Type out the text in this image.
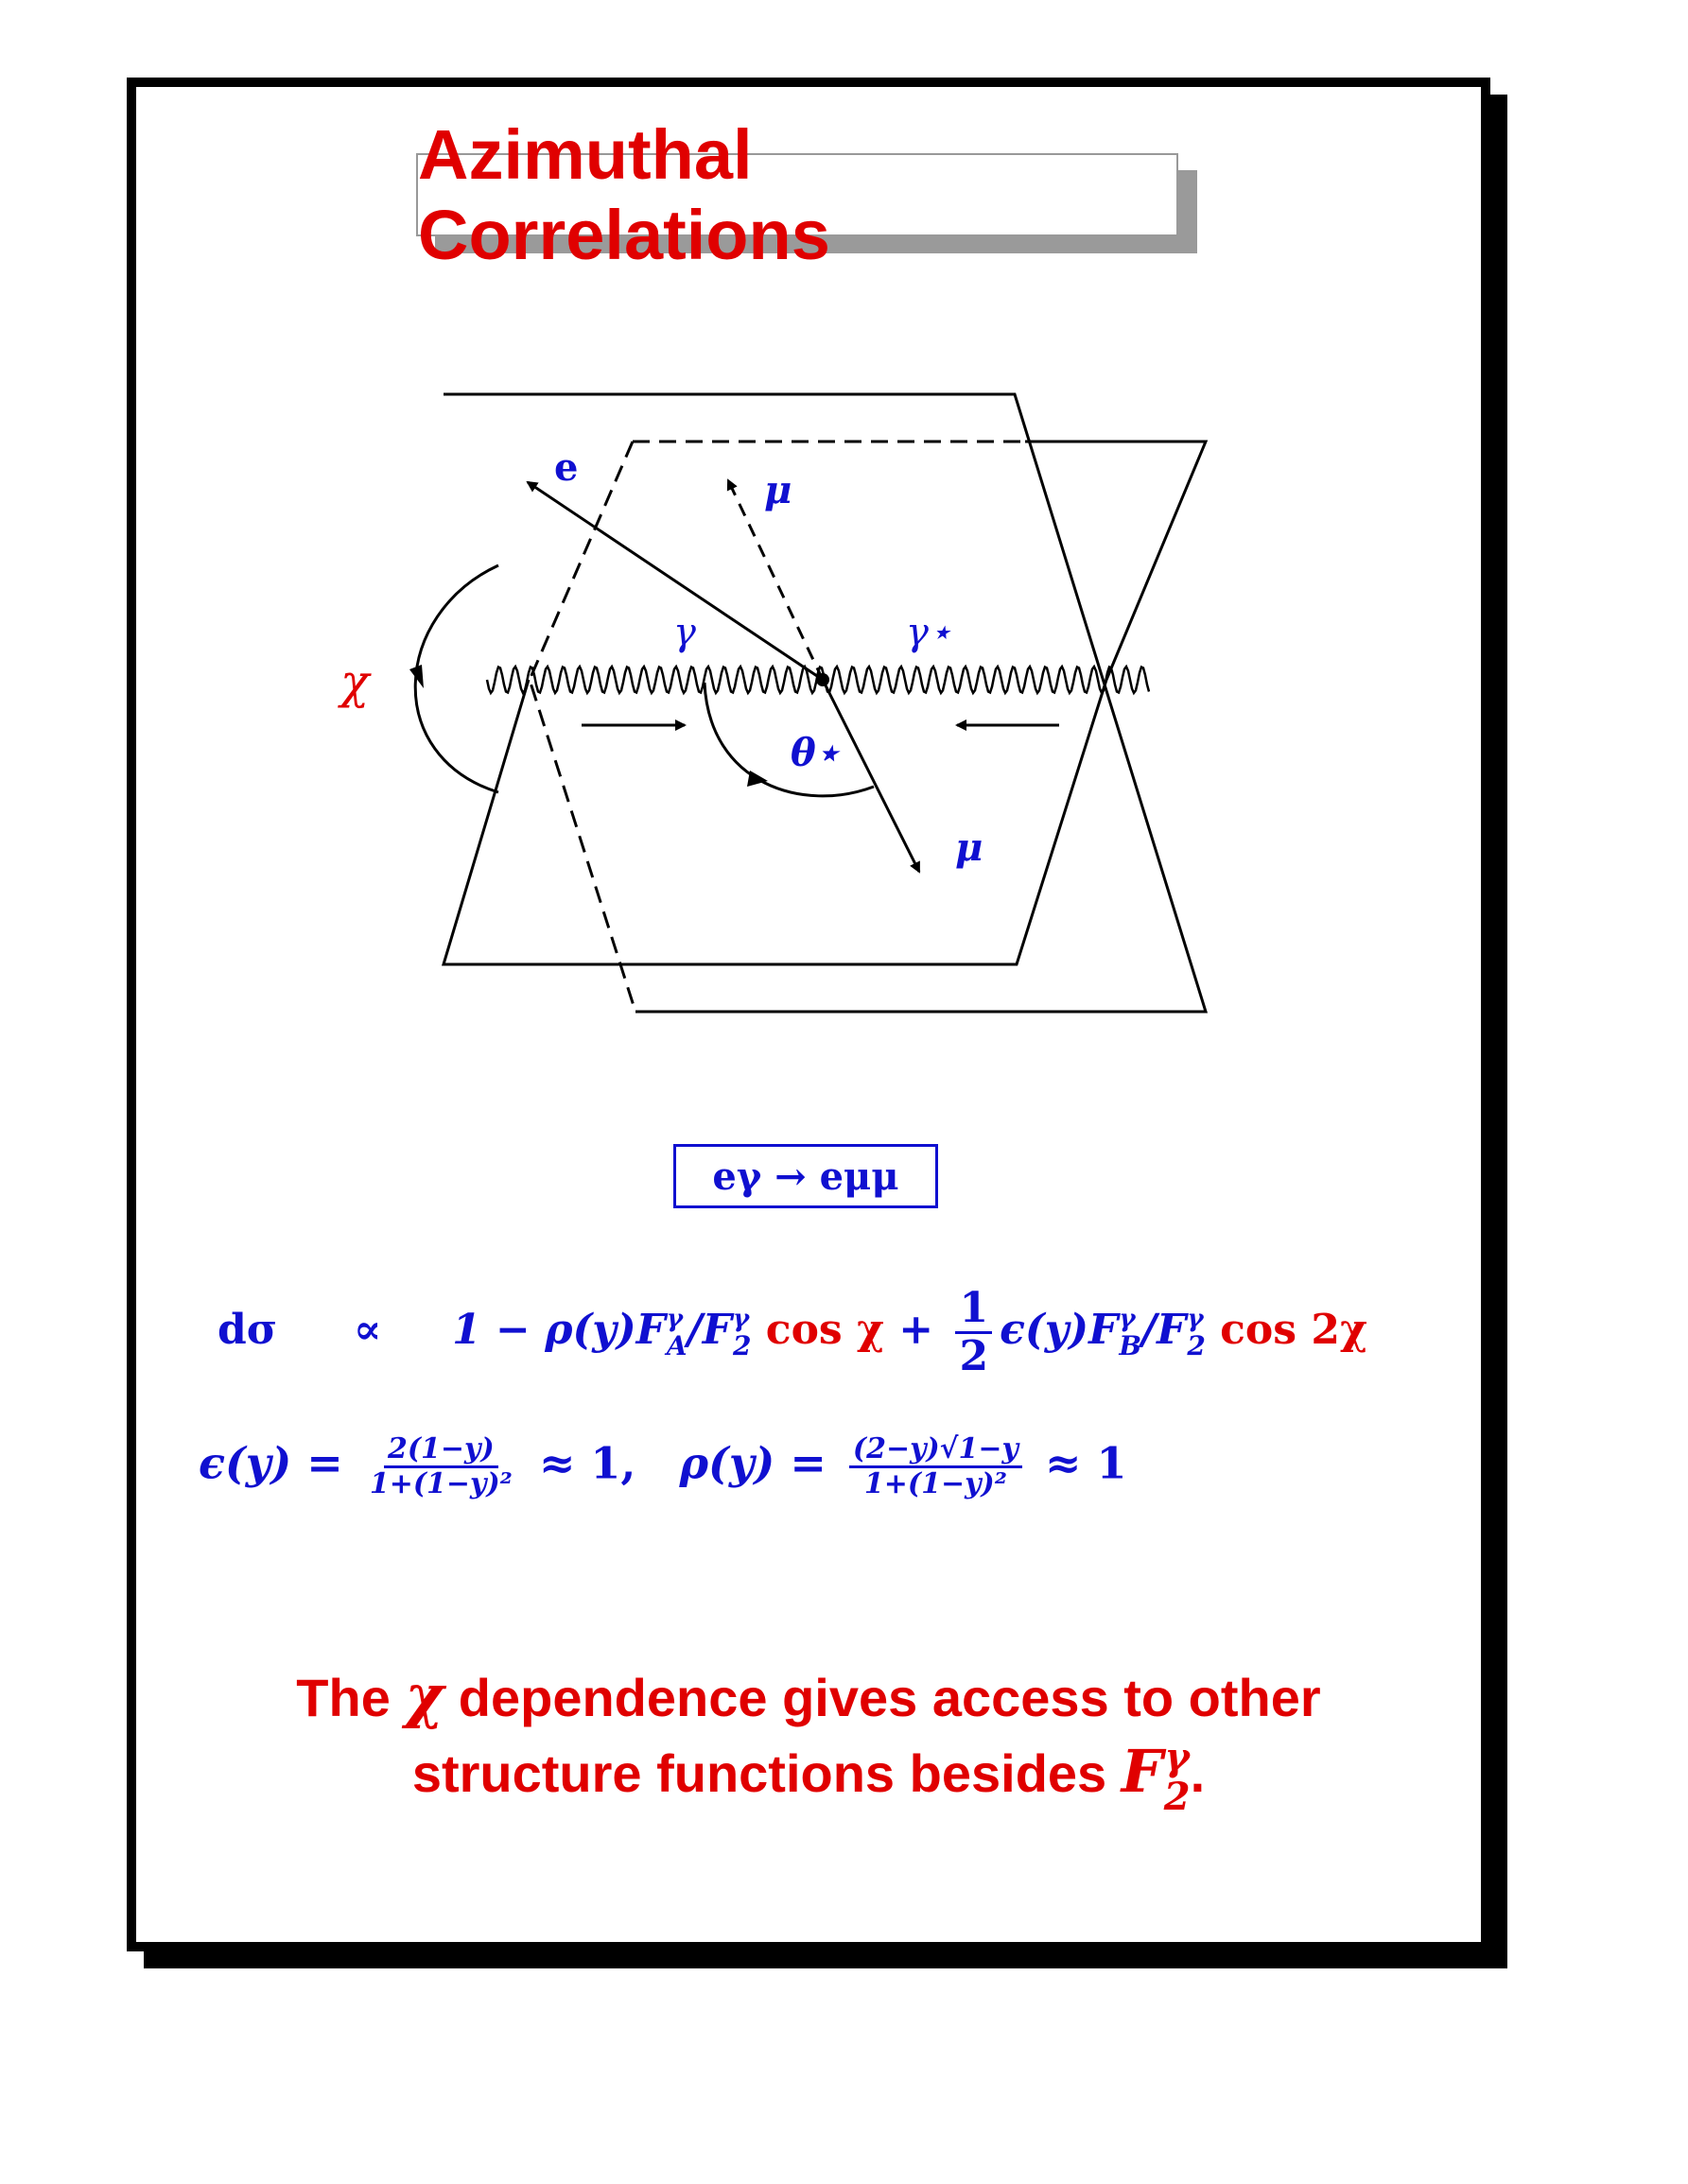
Azimuthal Correlations
e
μ
γ	γ⋆
χ
θ⋆
μ
eγ → eμμ
dσ ∝ 1 − ρ(y)F γ
A /F γ
2 $\cos \chi + \frac{1}{2} \epsilon(y)F$ γ
B /F γ
2 cos 2χ
$\epsilon(y) = \frac{2(1-y)}{\text{1+(1−y)²}} \approx 1$, $\rho(y) = \frac{(2-y)√1-y}{\text{1+(1−y)²}} \approx 1$
The χ dependence gives access to other
structure functions besides F γ
2 .
